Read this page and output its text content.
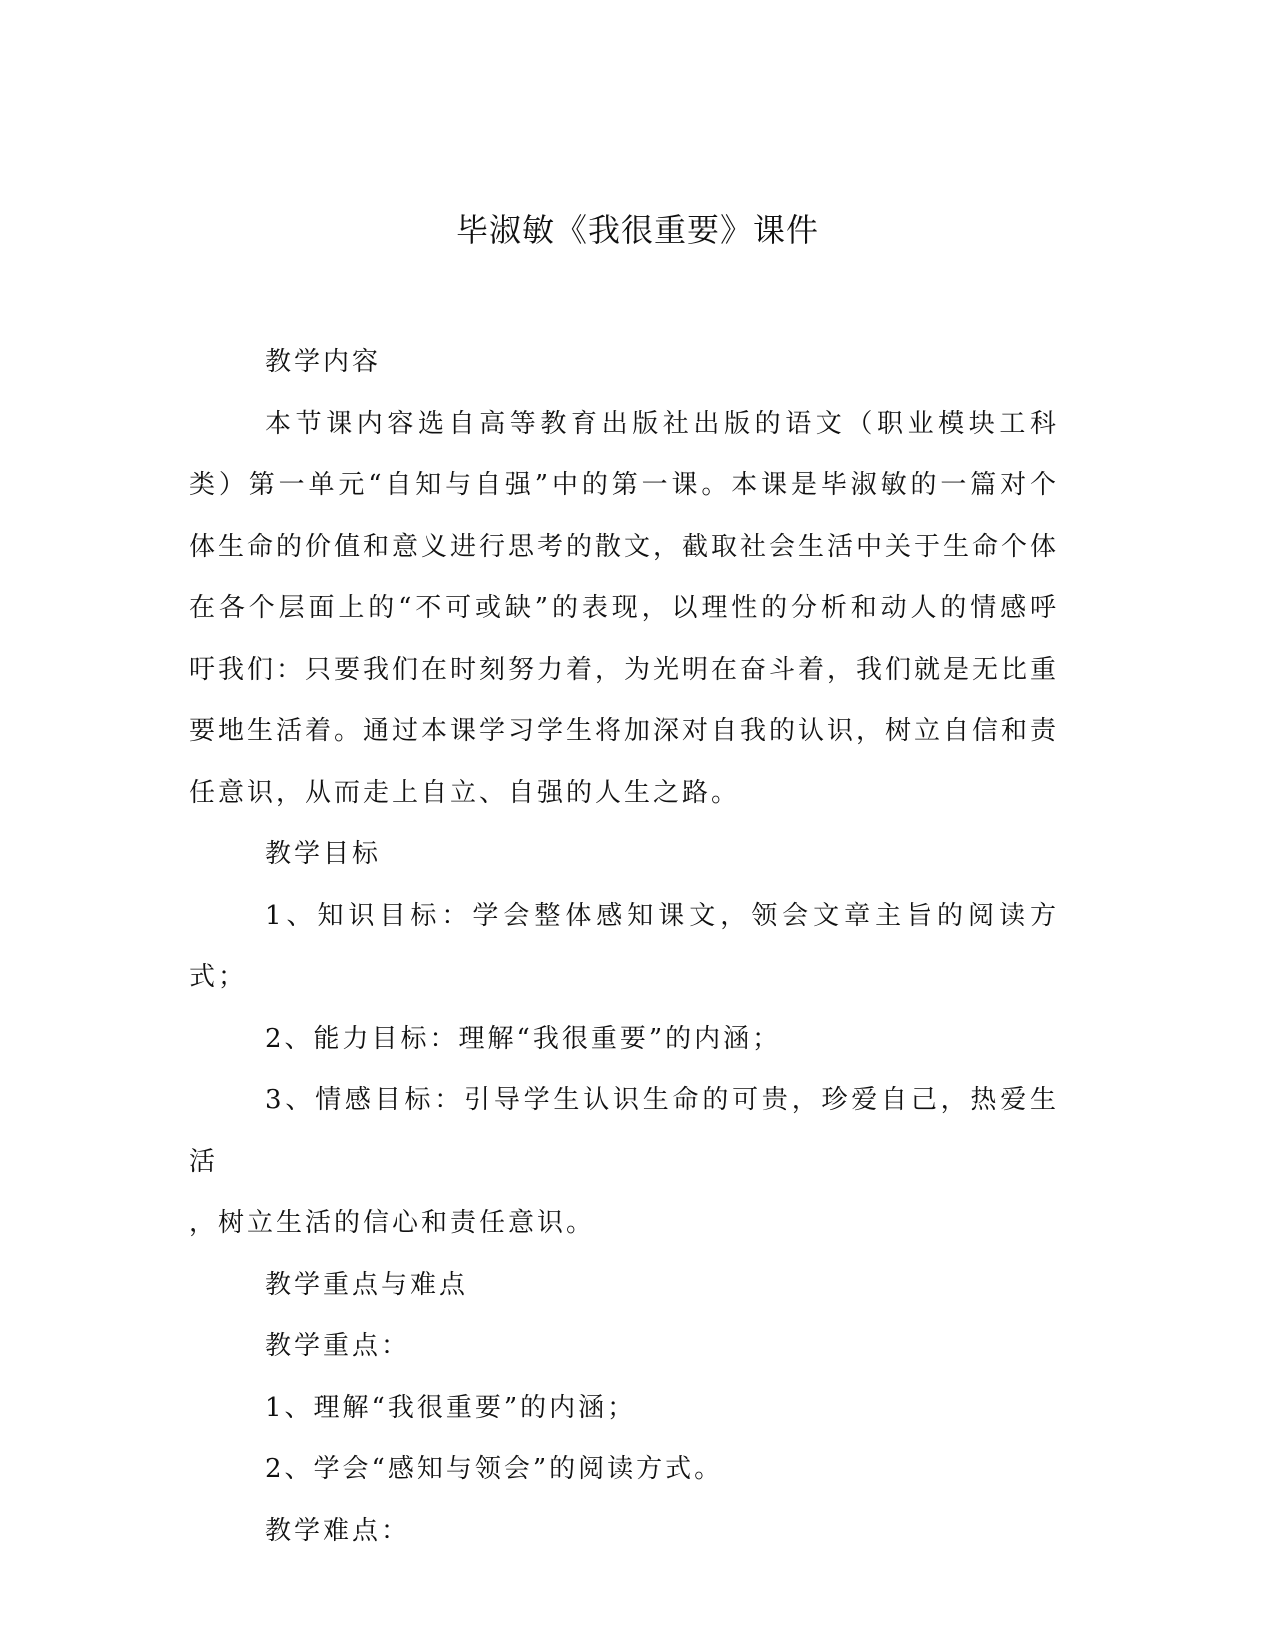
毕淑敏《我很重要》课件

教学内容

本节课内容选自高等教育出版社出版的语文（职业模块工科类）第一单元“自知与自强”中的第一课。本课是毕淑敏的一篇对个体生命的价值和意义进行思考的散文，截取社会生活中关于生命个体在各个层面上的“不可或缺”的表现，以理性的分析和动人的情感呼吁我们：只要我们在时刻努力着，为光明在奋斗着，我们就是无比重要地生活着。通过本课学习学生将加深对自我的认识，树立自信和责任意识，从而走上自立、自强的人生之路。

教学目标

1、知识目标：学会整体感知课文，领会文章主旨的阅读方式；

2、能力目标：理解“我很重要”的内涵；

3、情感目标：引导学生认识生命的可贵，珍爱自己，热爱生活

，树立生活的信心和责任意识。

教学重点与难点

教学重点：

1、理解“我很重要”的内涵；

2、学会“感知与领会”的阅读方式。

教学难点：
